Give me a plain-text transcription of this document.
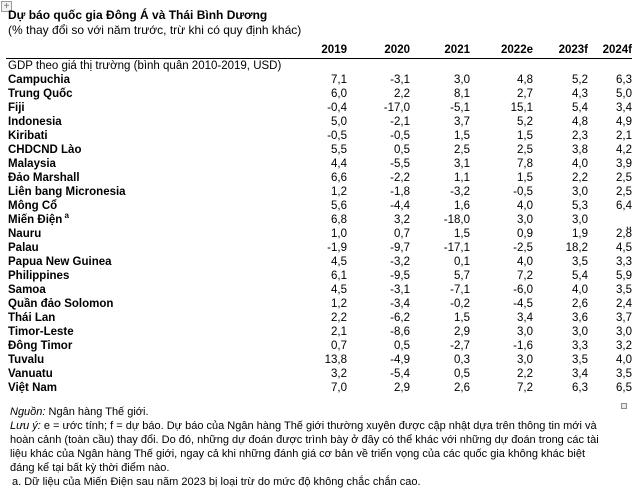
+
Dự báo quốc gia Đông Á và Thái Bình Dương
(% thay đổi so với năm trước, trừ khi có quy định khác)
	2019	2020	2021	2022e	2023f	2024f
GDP theo giá thị trường (bình quân 2010-2019, USD)						
Campuchia	7,1	-3,1	3,0	4,8	5,2	6,3
Trung Quốc	6,0	2,2	8,1	2,7	4,3	5,0
Fiji	-0,4	-17,0	-5,1	15,1	5,4	3,4
Indonesia	5,0	-2,1	3,7	5,2	4,8	4,9
Kiribati	-0,5	-0,5	1,5	1,5	2,3	2,1
CHDCND Lào	5,5	0,5	2,5	2,5	3,8	4,2
Malaysia	4,4	-5,5	3,1	7,8	4,0	3,9
Đảo Marshall	6,6	-2,2	1,1	1,5	2,2	2,5
Liên bang Micronesia	1,2	-1,8	-3,2	-0,5	3,0	2,5
Mông Cổ	5,6	-4,4	1,6	4,0	5,3	6,4
Miến Điện $^a$	6,8	3,2	-18,0	3,0	3,0	,,
Nauru	1,0	0,7	1,5	0,9	1,9	2,8
Palau	-1,9	-9,7	-17,1	-2,5	18,2	4,5
Papua New Guinea	4,5	-3,2	0,1	4,0	3,5	3,3
Philippines	6,1	-9,5	5,7	7,2	5,4	5,9
Samoa	4,5	-3,1	-7,1	-6,0	4,0	3,5
Quần đảo Solomon	1,2	-3,4	-0,2	-4,5	2,6	2,4
Thái Lan	2,2	-6,2	1,5	3,4	3,6	3,7
Timor-Leste	2,1	-8,6	2,9	3,0	3,0	3,0
Đông Timor	0,7	0,5	-2,7	-1,6	3,3	3,2
Tuvalu	13,8	-4,9	0,3	3,0	3,5	4,0
Vanuatu	3,2	-5,4	0,5	2,2	3,4	3,5
Việt Nam	7,0	2,9	2,6	7,2	6,3	6,5
Nguồn: Ngân hàng Thế giới.
Lưu ý: e = ước tính; f = dự báo. Dự báo của Ngân hàng Thế giới thường xuyên được cập nhật dựa trên thông tin mới và hoàn cảnh (toàn cầu) thay đổi. Do đó, những dự đoán được trình bày ở đây có thể khác với những dự đoán trong các tài liệu khác của Ngân hàng Thế giới, ngay cả khi những đánh giá cơ bản về triển vọng của các quốc gia không khác biệt đáng kể tại bất kỳ thời điểm nào.
a. Dữ liệu của Miến Điện sau năm 2023 bị loại trừ do mức độ không chắc chắn cao.
